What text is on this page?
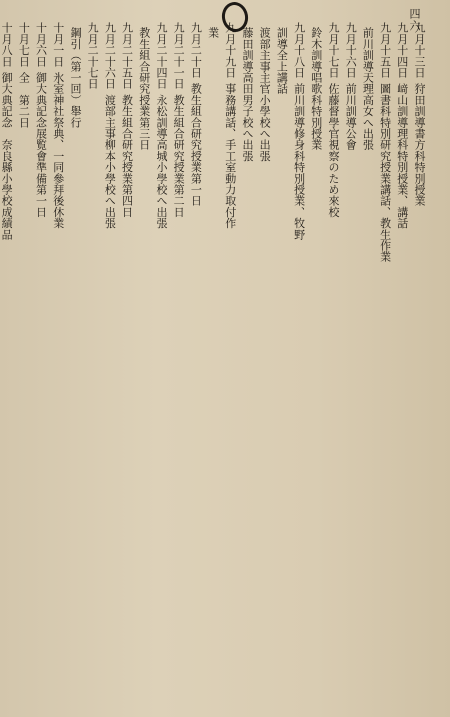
四六

九月十三日狩田訓導書方科特別授業

九月十四日﨑山訓導理科特別授業、講話

九月十五日圖書科特別研究授業講話、教生作業

前川訓導天理高女へ出張

九月十六日前川訓導公會

九月十七日佐藤督學官視察のため來校

鈴木訓導唱歌科特別授業

九月十八日前川訓導修身科特別授業、牧野

訓導全上講話

渡部主事主官小學校へ出張

藤田訓導高田男子校へ出張

九月十九日事務講話、手工室動力取付作

業

九月二十日教生組合研究授業第一日

九月二十一日教生組合研究授業第二日

九月二十四日永松訓導高城小學校へ出張

教生組合研究授業第三日

九月二十五日教生組合研究授業第四日

九月二十六日渡部主事柳本小學校へ出張

九月二十七日

鋼引（第一回）舉行

十月一日氷室神社祭典、一同參拜後休業

十月六日御大典記念展覧會準備第一日

十月七日全　第二日

十月八日御大典記念　奈良縣小學校成績品
